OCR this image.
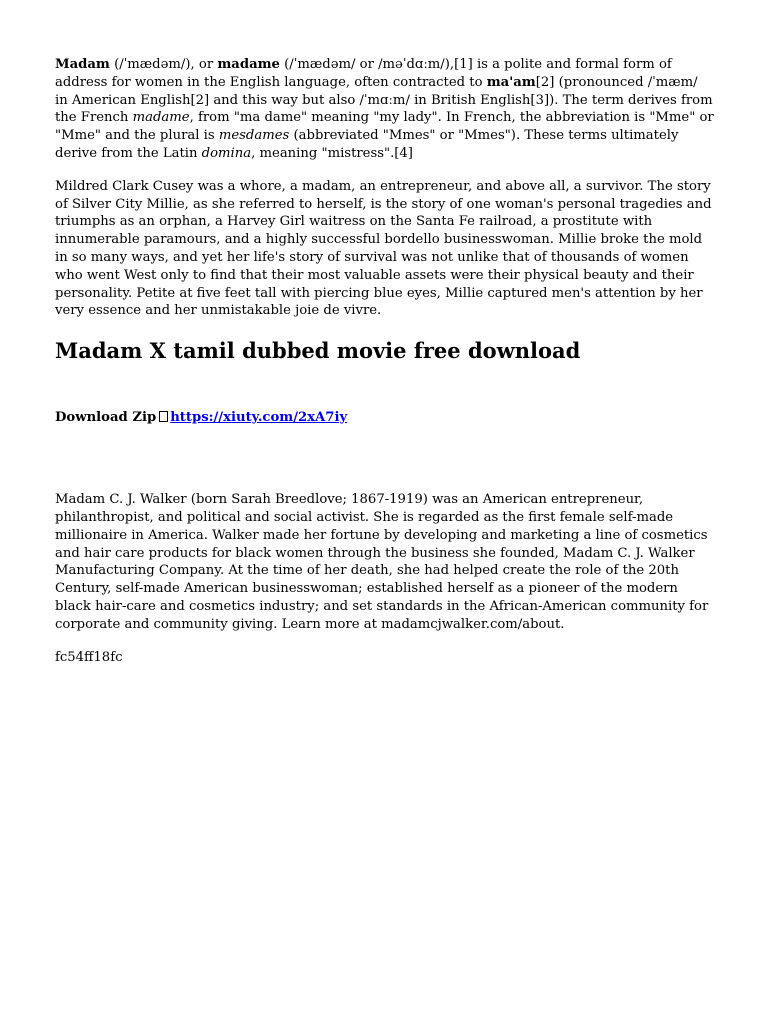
Madam (/ˈmædəm/), or madame (/ˈmædəm/ or /məˈdɑːm/),[1] is a polite and formal form of address for women in the English language, often contracted to ma'am[2] (pronounced /ˈmæm/ in American English[2] and this way but also /ˈmɑːm/ in British English[3]). The term derives from the French madame, from "ma dame" meaning "my lady". In French, the abbreviation is "Mme" or "Mme" and the plural is mesdames (abbreviated "Mmes" or "Mmes"). These terms ultimately derive from the Latin domina, meaning "mistress".[4]

Mildred Clark Cusey was a whore, a madam, an entrepreneur, and above all, a survivor. The story of Silver City Millie, as she referred to herself, is the story of one woman's personal tragedies and triumphs as an orphan, a Harvey Girl waitress on the Santa Fe railroad, a prostitute with innumerable paramours, and a highly successful bordello businesswoman. Millie broke the mold in so many ways, and yet her life's story of survival was not unlike that of thousands of women who went West only to find that their most valuable assets were their physical beauty and their personality. Petite at five feet tall with piercing blue eyes, Millie captured men's attention by her very essence and her unmistakable joie de vivre.

Madam X tamil dubbed movie free download
Download Zip https://xiuty.com/2xA7iy

Madam C. J. Walker (born Sarah Breedlove; 1867-1919) was an American entrepreneur, philanthropist, and political and social activist. She is regarded as the first female self-made millionaire in America. Walker made her fortune by developing and marketing a line of cosmetics and hair care products for black women through the business she founded, Madam C. J. Walker Manufacturing Company. At the time of her death, she had helped create the role of the 20th Century, self-made American businesswoman; established herself as a pioneer of the modern black hair-care and cosmetics industry; and set standards in the African-American community for corporate and community giving. Learn more at madamcjwalker.com/about.

fc54ff18fc
